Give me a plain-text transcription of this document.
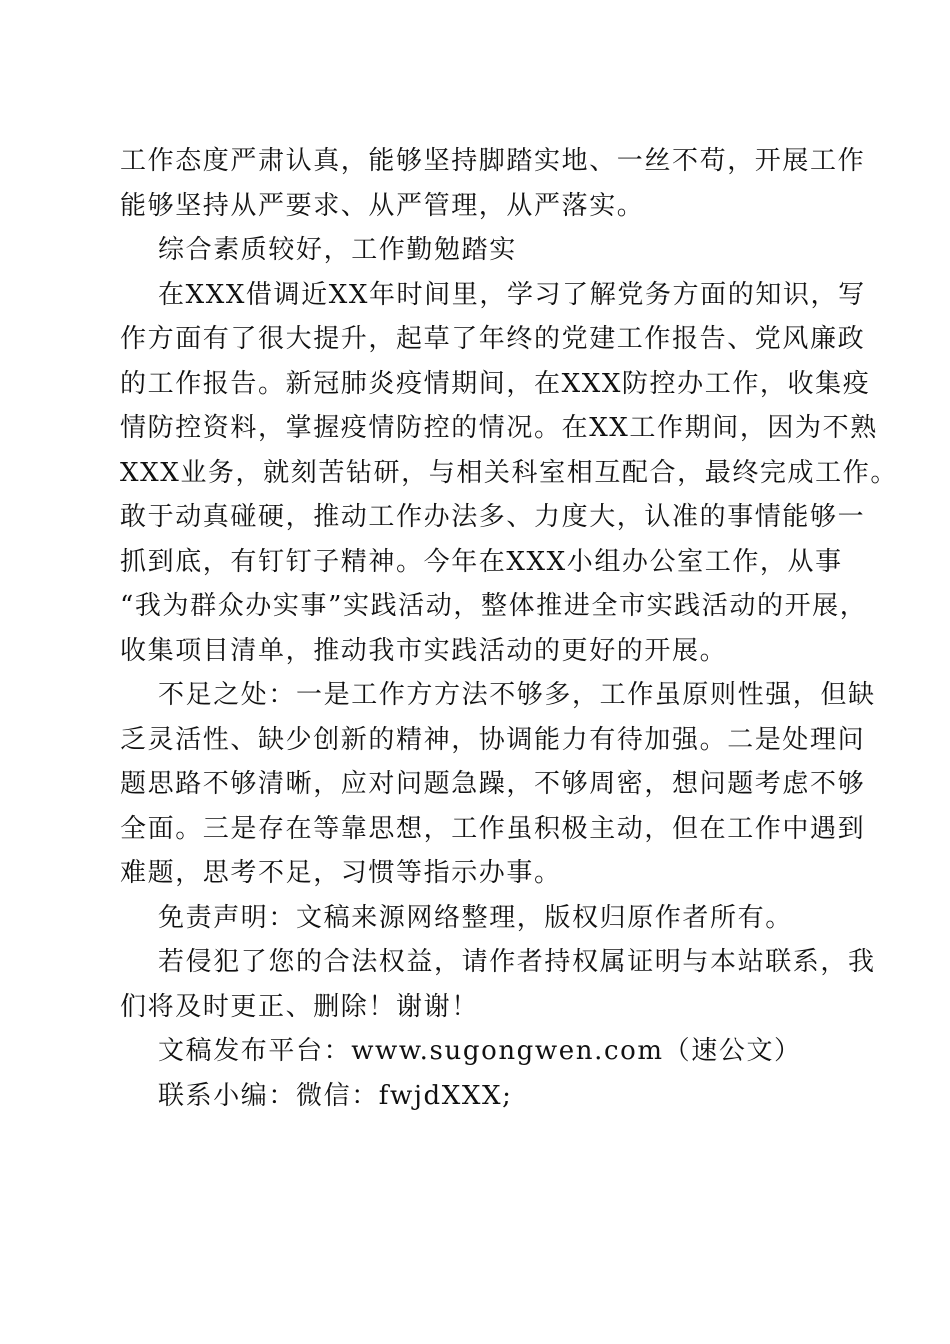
工作态度严肃认真，能够坚持脚踏实地、一丝不苟，开展工作
能够坚持从严要求、从严管理，从严落实。
综合素质较好，工作勤勉踏实
在XXX借调近XX年时间里，学习了解党务方面的知识，写
作方面有了很大提升，起草了年终的党建工作报告、党风廉政
的工作报告。新冠肺炎疫情期间，在XXX防控办工作，收集疫
情防控资料，掌握疫情防控的情况。在XX工作期间，因为不熟
XXX业务，就刻苦钻研，与相关科室相互配合，最终完成工作。
敢于动真碰硬，推动工作办法多、力度大，认准的事情能够一
抓到底，有钉钉子精神。今年在XXX小组办公室工作，从事
“我为群众办实事”实践活动，整体推进全市实践活动的开展，
收集项目清单，推动我市实践活动的更好的开展。
不足之处：一是工作方方法不够多，工作虽原则性强，但缺
乏灵活性、缺少创新的精神，协调能力有待加强。二是处理问
题思路不够清晰，应对问题急躁，不够周密，想问题考虑不够
全面。三是存在等靠思想，工作虽积极主动，但在工作中遇到
难题，思考不足，习惯等指示办事。
免责声明：文稿来源网络整理，版权归原作者所有。
若侵犯了您的合法权益，请作者持权属证明与本站联系，我
们将及时更正、删除！谢谢！
文稿发布平台：www.sugongwen.com（速公文）
联系小编：微信：fwjdXXX;
